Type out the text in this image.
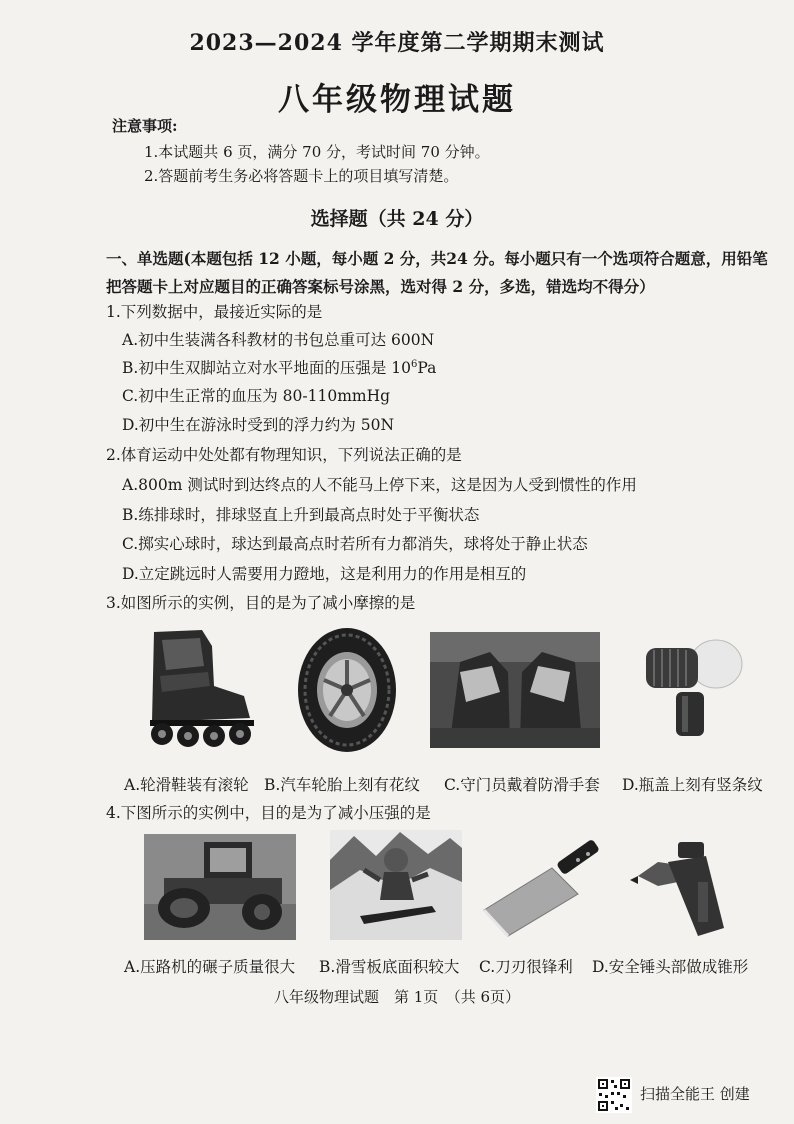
2023—2024 学年度第二学期期末测试
八年级物理试题
注意事项:
1.本试题共 6 页，满分 70 分，考试时间 70 分钟。
2.答题前考生务必将答题卡上的项目填写清楚。
选择题（共 24 分）
一、单选题(本题包括 12 小题，每小题 2 分，共24 分。每小题只有一个选项符合题意，用铅笔
把答题卡上对应题目的正确答案标号涂黑，选对得 2 分，多选，错选均不得分）
1.下列数据中，最接近实际的是
A.初中生装满各科教材的书包总重可达 600N
B.初中生双脚站立对水平地面的压强是 $10^6Pa$
C.初中生正常的血压为 80-110mmHg
D.初中生在游泳时受到的浮力约为 50N
2.体育运动中处处都有物理知识，下列说法正确的是
A.800m 测试时到达终点的人不能马上停下来，这是因为人受到惯性的作用
B.练排球时，排球竖直上升到最高点时处于平衡状态
C.掷实心球时，球达到最高点时若所有力都消失，球将处于静止状态
D.立定跳远时人需要用力蹬地，这是利用力的作用是相互的
3.如图所示的实例，目的是为了减小摩擦的是
A.轮滑鞋装有滚轮 B.汽车轮胎上刻有花纹 C.守门员戴着防滑手套 D.瓶盖上刻有竖条纹
4.下图所示的实例中，目的是为了减小压强的是
A.压路机的碾子质量很大 B.滑雪板底面积较大 C.刀刃很锋利 D.安全锤头部做成锥形
八年级物理试题　第 1页　（共 6页）
扫描全能王 创建
